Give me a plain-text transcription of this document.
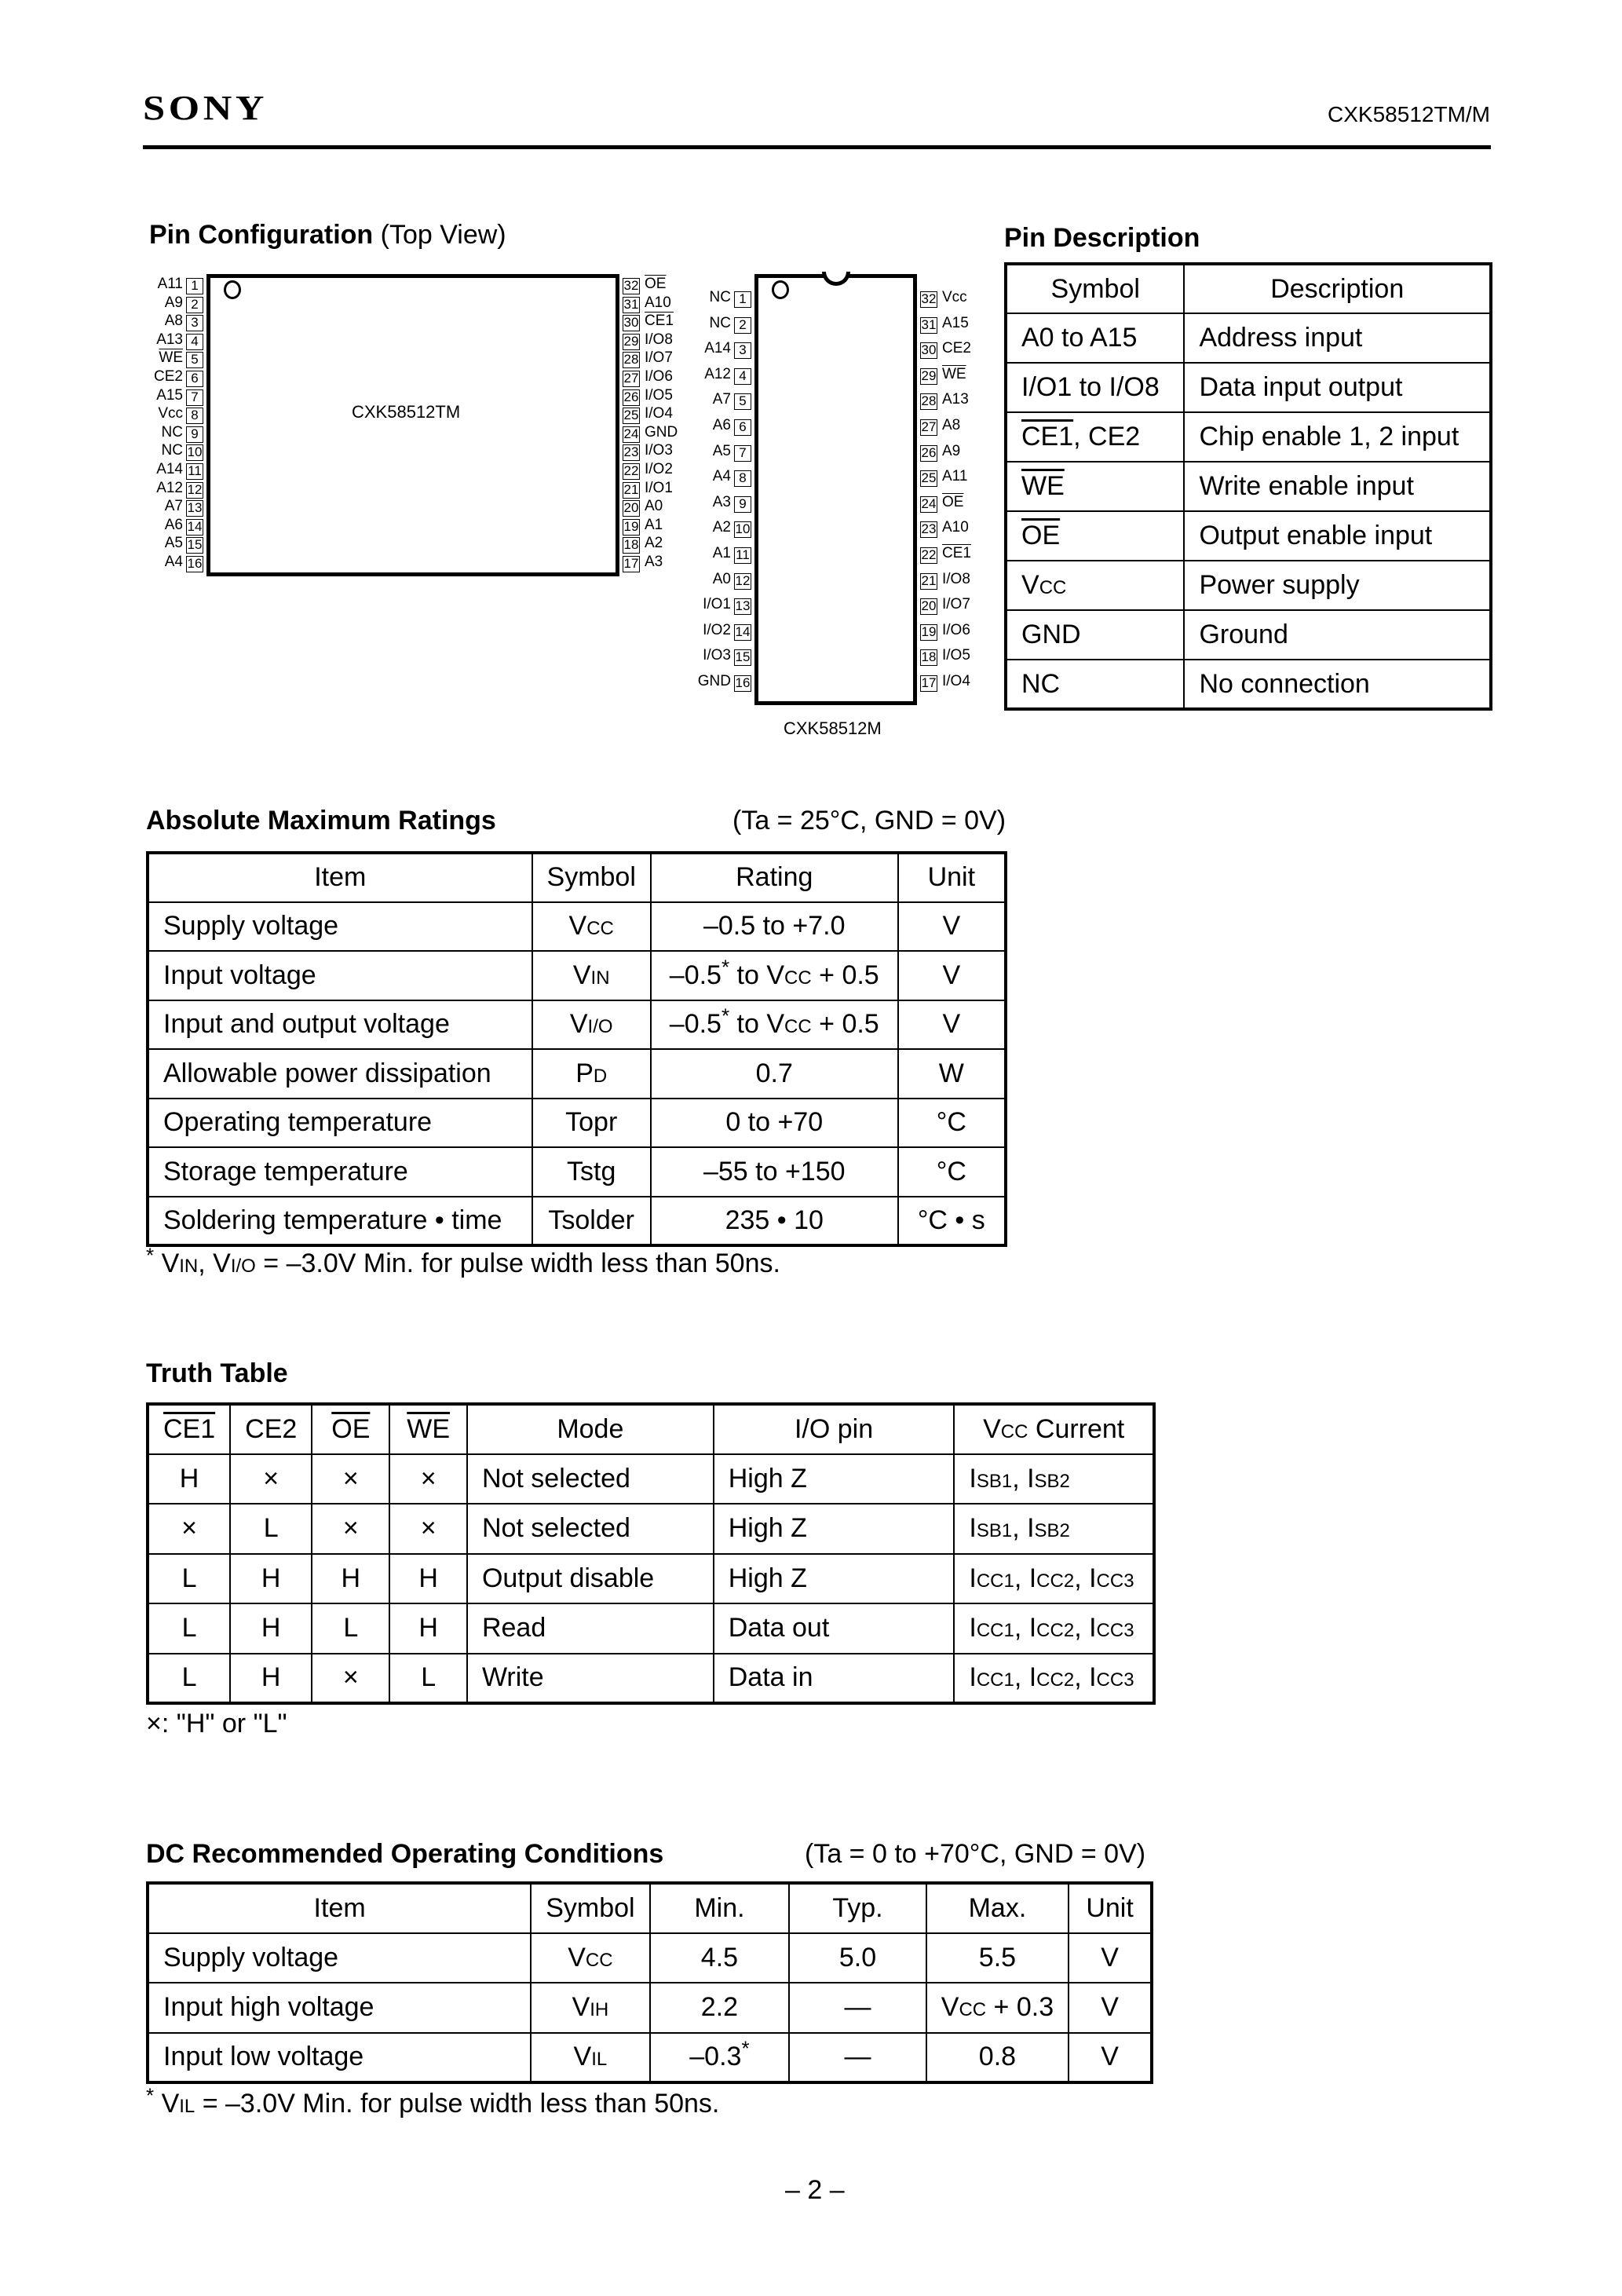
SONY	CXK58512TM/M
Pin Configuration (Top View)
CXK58512TM
1
A11
2
A9
3
A8
4
A13
5
$\overline{WE}$
6
CE2
7
A15
8
Vcc
9
NC
10
NC
11
A14
12
A12
13
A7
14
A6
15
A5
16
A4
32 $\overline{OE}$
31 A10
30 CE1
29 I/O8
28 I/O7
27 I/O6
26 I/O5
25 I/O4
24 GND
23 I/O3
22 I/O2
21 I/O1
20 A0
19 A1
18 A2
17 A3
CXK58512M
1
NC
2
NC
3
A14
4
A12
5
A7
6
A6
7
A5
8
A4
9
A3
10
A2
11
A1
12
A0
13
I/O1
14
I/O2
15
I/O3
16
GND
32 Vcc
31 A15
30 CE2
29 $\overline{WE}$
28 A13
27 A8
26 A9
25 A11
24 $\overline{OE}$
23 A10
22 CE1
21 I/O8
20 I/O7
19 I/O6
18 I/O5
17 I/O4
Pin Description
Symbol	Description
A0 to A15	Address input
I/O1 to I/O8	Data input output
CE1, CE2	Chip enable 1, 2 input
$\overline{WE}$	Write enable input
$\overline{OE}$	Output enable input
VCC	Power supply
GND	Ground
NC	No connection
Absolute Maximum Ratings	(Ta = 25°C, GND = 0V)
Item	Symbol	Rating	Unit
Supply voltage	VCC	–0.5 to +7.0	V
Input voltage	VIN	–0.5* to VCC + 0.5	V
Input and output voltage	VI/O	–0.5* to VCC + 0.5	V
Allowable power dissipation	PD	0.7	W
Operating temperature	Topr	0 to +70	°C
Storage temperature	Tstg	–55 to +150	°C
Soldering temperature • time	Tsolder	235 • 10	°C • s
* VIN, VI/O = –3.0V Min. for pulse width less than 50ns.
Truth Table
CE1	CE2	$\overline{OE}$	$\overline{WE}$	Mode	I/O pin	VCC Current
H	×	×	×	Not selected	High Z	ISB1, ISB2
×	L	×	×	Not selected	High Z	ISB1, ISB2
L	H	H	H	Output disable	High Z	ICC1, ICC2, ICC3
L	H	L	H	Read	Data out	ICC1, ICC2, ICC3
L	H	×	L	Write	Data in	ICC1, ICC2, ICC3
×: "H" or "L"
DC Recommended Operating Conditions	(Ta = 0 to +70°C, GND = 0V)
Item	Symbol	Min.	Typ.	Max.	Unit
Supply voltage	VCC	4.5	5.0	5.5	V
Input high voltage	VIH	2.2	—	VCC + 0.3	V
Input low voltage	VIL	–0.3*	—	0.8	V
* VIL = –3.0V Min. for pulse width less than 50ns.
– 2 –
